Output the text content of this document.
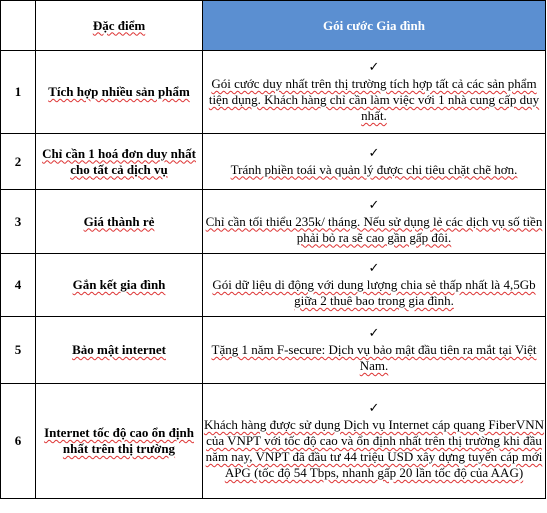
	Đặc điểm	Gói cước Gia đình
1	Tích hợp nhiều sản phẩm	✓
Gói cước duy nhất trên thị trường tích hợp tất cả các sản phẩm tiện dụng. Khách hàng chỉ cần làm việc với 1 nhà cung cấp duy nhất.
2	Chỉ cần 1 hoá đơn duy nhất cho tất cả dịch vụ	✓
Tránh phiền toái và quản lý được chi tiêu chặt chẽ hơn.
3	Giá thành rẻ	✓
Chỉ cần tối thiểu 235k/ tháng. Nếu sử dụng lẻ các dịch vụ số tiền phải bỏ ra sẽ cao gần gấp đôi.
4	Gắn kết gia đình	✓
Gói dữ liệu di động với dung lượng chia sẻ thấp nhất là 4,5Gb giữa 2 thuê bao trong gia đình.
5	Bảo mật internet	✓
Tặng 1 năm F-secure: Dịch vụ bảo mật đầu tiên ra mắt tại Việt Nam.
6	Internet tốc độ cao ổn định nhất trên thị trường	✓
Khách hàng được sử dụng Dịch vụ Internet cáp quang FiberVNN của VNPT với tốc độ cao và ổn định nhất trên thị trường khi đầu năm nay, VNPT đã đầu tư 44 triệu USD xây dựng tuyến cáp mới APG (tốc độ 54 Tbps, nhanh gấp 20 lần tốc độ của AAG)
